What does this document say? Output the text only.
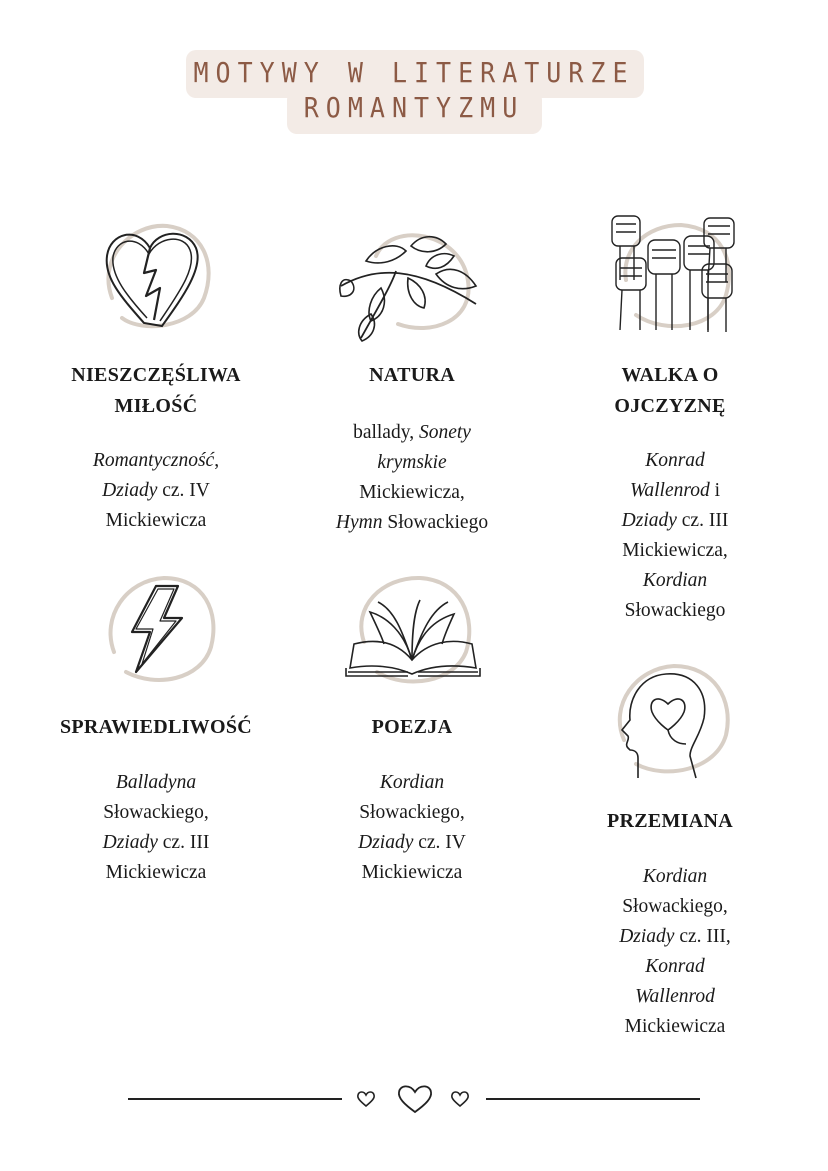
MOTYWY W LITERATURZE
ROMANTYZMU
NIESZCZĘŚLIWA
MIŁOŚĆ
NATURA	WALKA O
OJCZYZNĘ
SPRAWIEDLIWOŚĆ	POEZJA
PRZEMIANA
Romantyczność,
Dziady cz. IV
Mickiewicza
ballady, Sonety
krymskie
Mickiewicza,
Hymn Słowackiego
Konrad
Wallenrod i
Dziady cz. III
Mickiewicza,
Kordian
Słowackiego
Balladyna
Słowackiego,
Dziady cz. III
Mickiewicza
Kordian
Słowackiego,
Dziady cz. IV
Mickiewicza	Kordian
Słowackiego,
Dziady cz. III,
Konrad
Wallenrod
Mickiewicza
